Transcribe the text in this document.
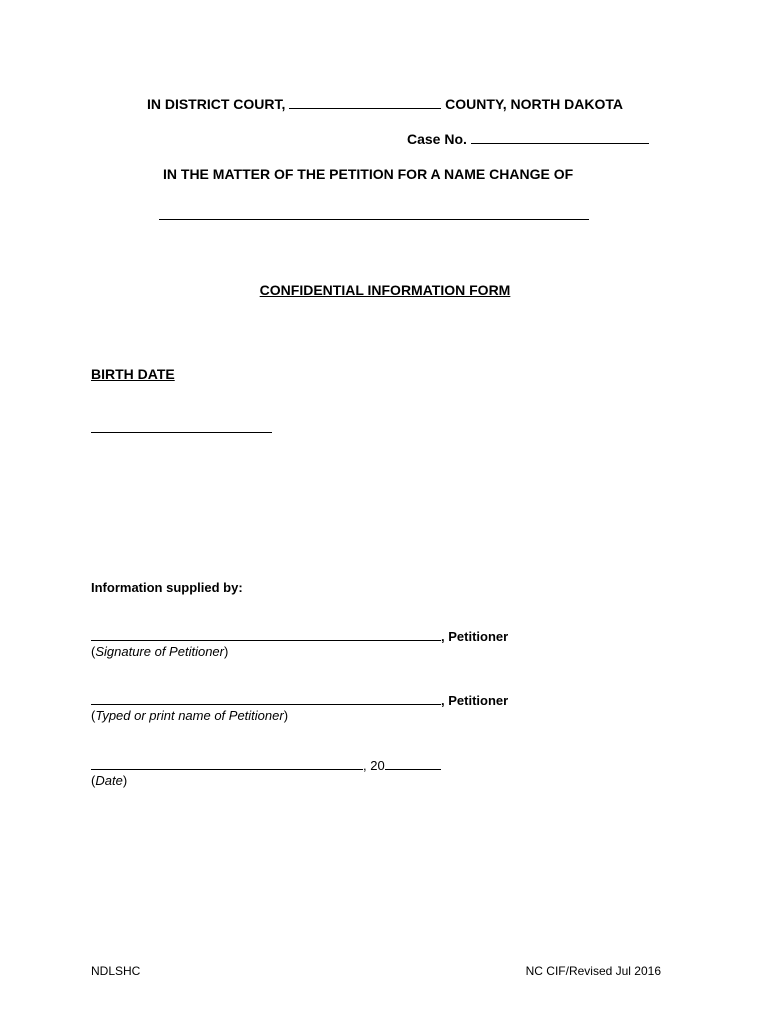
IN DISTRICT COURT,	COUNTY, NORTH DAKOTA
Case No.
IN THE MATTER OF THE PETITION FOR A NAME CHANGE OF
CONFIDENTIAL INFORMATION FORM
BIRTH DATE
Information supplied by:
, Petitioner
(Signature of Petitioner)
, Petitioner
(Typed or print name of Petitioner)
, 20
(Date)
NDLSHC	NC CIF/Revised Jul 2016
